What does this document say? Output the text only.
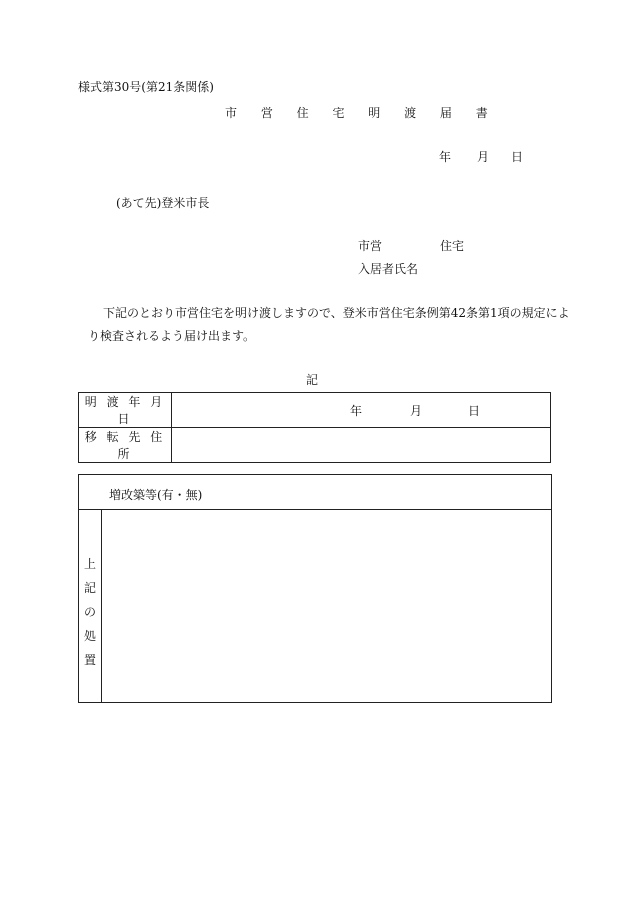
様式第30号(第21条関係)
市 営 住 宅 明 渡 届 書
年 月 日
(あて先)登米市長
市営	住宅
入居者氏名
下記のとおり市営住宅を明け渡しますので、登米市営住宅条例第42条第1項の規定によ
り検査されるよう届け出ます。
記
明 渡 年 月 日	年 月 日

移 転 先 住 所	
増改築等(有・無)
上記の処置
